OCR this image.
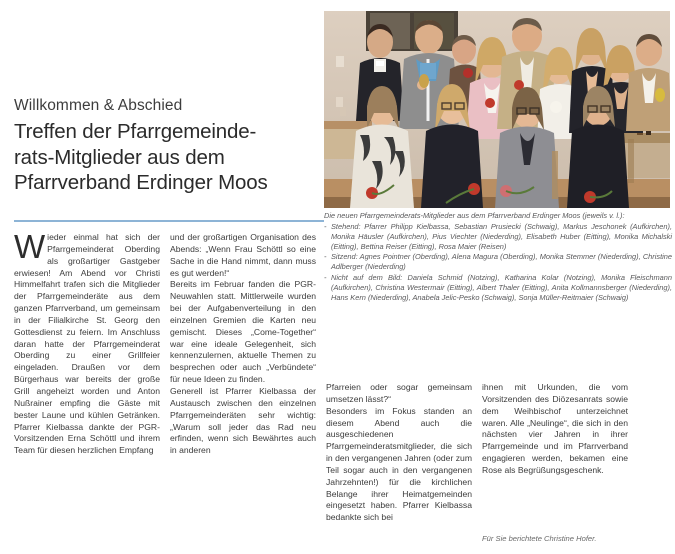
Willkommen & Abschied
Treffen der Pfarrgemeinde-
rats-Mitglieder aus dem
Pfarrverband Erdinger Moos
Die neuen Pfarrgemeinderats-Mitglieder aus dem Pfarrverband Erdinger Moos (jeweils v. l.):
- Stehend: Pfarrer Philipp Kielbassa, Sebastian Prusiecki (Schwaig), Markus Jeschonek (Aufkirchen), Monika Häusler (Aufkirchen), Pius Viechter (Niederding), Elisabeth Huber (Eitting), Monika Michalski (Eitting), Bettina Reiser (Eitting), Rosa Maier (Reisen)
- Sitzend: Agnes Pointner (Oberding), Alena Magura (Oberding), Monika Stemmer (Niederding), Christine Adlberger (Niederding)
- Nicht auf dem Bild: Daniela Schmid (Notzing), Katharina Kolar (Notzing), Monika Fleischmann (Aufkirchen), Christina Westermair (Eitting), Albert Thaler (Eitting), Anita Kollmannsberger (Niederding), Hans Kern (Niederding), Anabela Jelic-Pesko (Schwaig), Sonja Müller-Reitmaier (Schwaig)

Wieder einmal hat sich der Pfarrgemeinderat Oberding als großartiger Gastgeber erwiesen! Am Abend vor Christi Himmelfahrt trafen sich die Mitglieder der Pfarrgemeinderäte aus dem ganzen Pfarrverband, um gemeinsam in der Filialkirche St. Georg den Gottesdienst zu feiern. Im Anschluss daran hatte der Pfarrgemeinderat Oberding zu einer Grillfeier eingeladen. Draußen vor dem Bürgerhaus war bereits der große Grill angeheizt worden und Anton Nußrainer empfing die Gäste mit bester Laune und kühlen Getränken. Pfarrer Kielbassa dankte der PGR-Vorsitzenden Erna Schöttl und ihrem Team für diesen herzlichen Empfang

und der großartigen Organisation des Abends: „Wenn Frau Schöttl so eine Sache in die Hand nimmt, dann muss es gut werden!“

Bereits im Februar fanden die PGR-Neuwahlen statt. Mittlerweile wurden bei der Aufgabenverteilung in den einzelnen Gremien die Karten neu gemischt. Dieses „Come-Together“ war eine ideale Gelegenheit, sich kennenzulernen, aktuelle Themen zu besprechen oder auch „Verbündete“ für neue Ideen zu finden.

Generell ist Pfarrer Kielbassa der Austausch zwischen den einzelnen Pfarrgemeinderäten sehr wichtig: „Warum soll jeder das Rad neu erfinden, wenn sich Bewährtes auch in anderen

Pfarreien oder sogar gemeinsam umsetzen lässt?“

Besonders im Fokus standen an diesem Abend auch die ausgeschiedenen Pfarrgemeinderatsmitglieder, die sich in den vergangenen Jahren (oder zum Teil sogar auch in den vergangenen Jahrzehnten!) für die kirchlichen Belange ihrer Heimatgemeinden eingesetzt haben. Pfarrer Kielbassa bedankte sich bei

ihnen mit Urkunden, die vom Vorsitzenden des Diözesanrats sowie dem Weihbischof unterzeichnet waren. Alle „Neulinge“, die sich in den nächsten vier Jahren in ihrer Pfarrgemeinde und im Pfarrverband engagieren werden, bekamen eine Rose als Begrüßungsgeschenk.

Für Sie berichtete Christine Hofer.
